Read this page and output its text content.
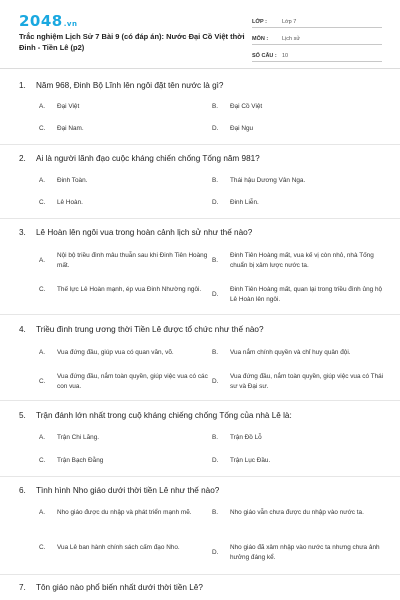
2048.vn
Trắc nghiệm Lịch Sử 7 Bài 9 (có đáp án): Nước Đại Cồ Việt thời Đinh - Tiền Lê (p2)
LỚP :	Lớp 7
MÔN :	Lịch sử
SỐ CÂU : 10
1. Năm 968, Đinh Bộ Lĩnh lên ngôi đặt tên nước là gì?
A.	Đại Việt	B.	Đại Cồ Việt
C.	Đại Nam.	D.	Đại Ngu
2. Ai là người lãnh đạo cuộc kháng chiến chống Tống năm 981?
A.	Đinh Toàn.	B.	Thái hậu Dương Vân Nga.
C.	Lê Hoàn.	D.	Đinh Liễn.
3. Lê Hoàn lên ngôi vua trong hoàn cảnh lịch sử như thế nào?
A.
Nội bộ triều đình mâu thuẫn sau khi Đinh Tiên Hoàng mất.
B.
Đinh Tiên Hoàng mất, vua kế vị còn nhỏ, nhà Tống chuẩn bị xâm lược nước ta.
C.	Thế lực Lê Hoàn mạnh, ép vua Đinh Nhường ngôi.
D.
Đinh Tiên Hoàng mất, quan lại trong triều đình ủng hộ Lê Hoàn lên ngôi.
4. Triều đình trung ương thời Tiền Lê được tổ chức như thế nào?
A.	Vua đứng đầu, giúp vua có quan văn, võ.	B.	Vua nắm chính quyền và chỉ huy quân đội.
C.
Vua đứng đầu, nắm toàn quyền, giúp việc vua có các con vua.
D.
Vua đứng đầu, nắm toàn quyền, giúp việc vua có Thái sư và Đại sư.
5. Trận đánh lớn nhất trong cuộ kháng chiếng chống Tống của nhà Lê là:
A.	Trận Chi Lăng.	B.	Trận Đồ Lỗ
C.	Trận Bạch Đằng	D.	Trận Lục Đầu.
6. Tình hình Nho giáo dưới thời tiền Lê như thế nào?
A.	Nho giáo được du nhập và phát triển mạnh mẽ.	B.	Nho giáo vẫn chưa được du nhập vào nước ta.
C.	Vua Lê ban hành chính sách cấm đạo Nho.
D.
Nho giáo đã xâm nhập vào nước ta nhưng chưa ảnh hưởng đáng kể.
7. Tôn giáo nào phổ biến nhất dưới thời tiền Lê?
